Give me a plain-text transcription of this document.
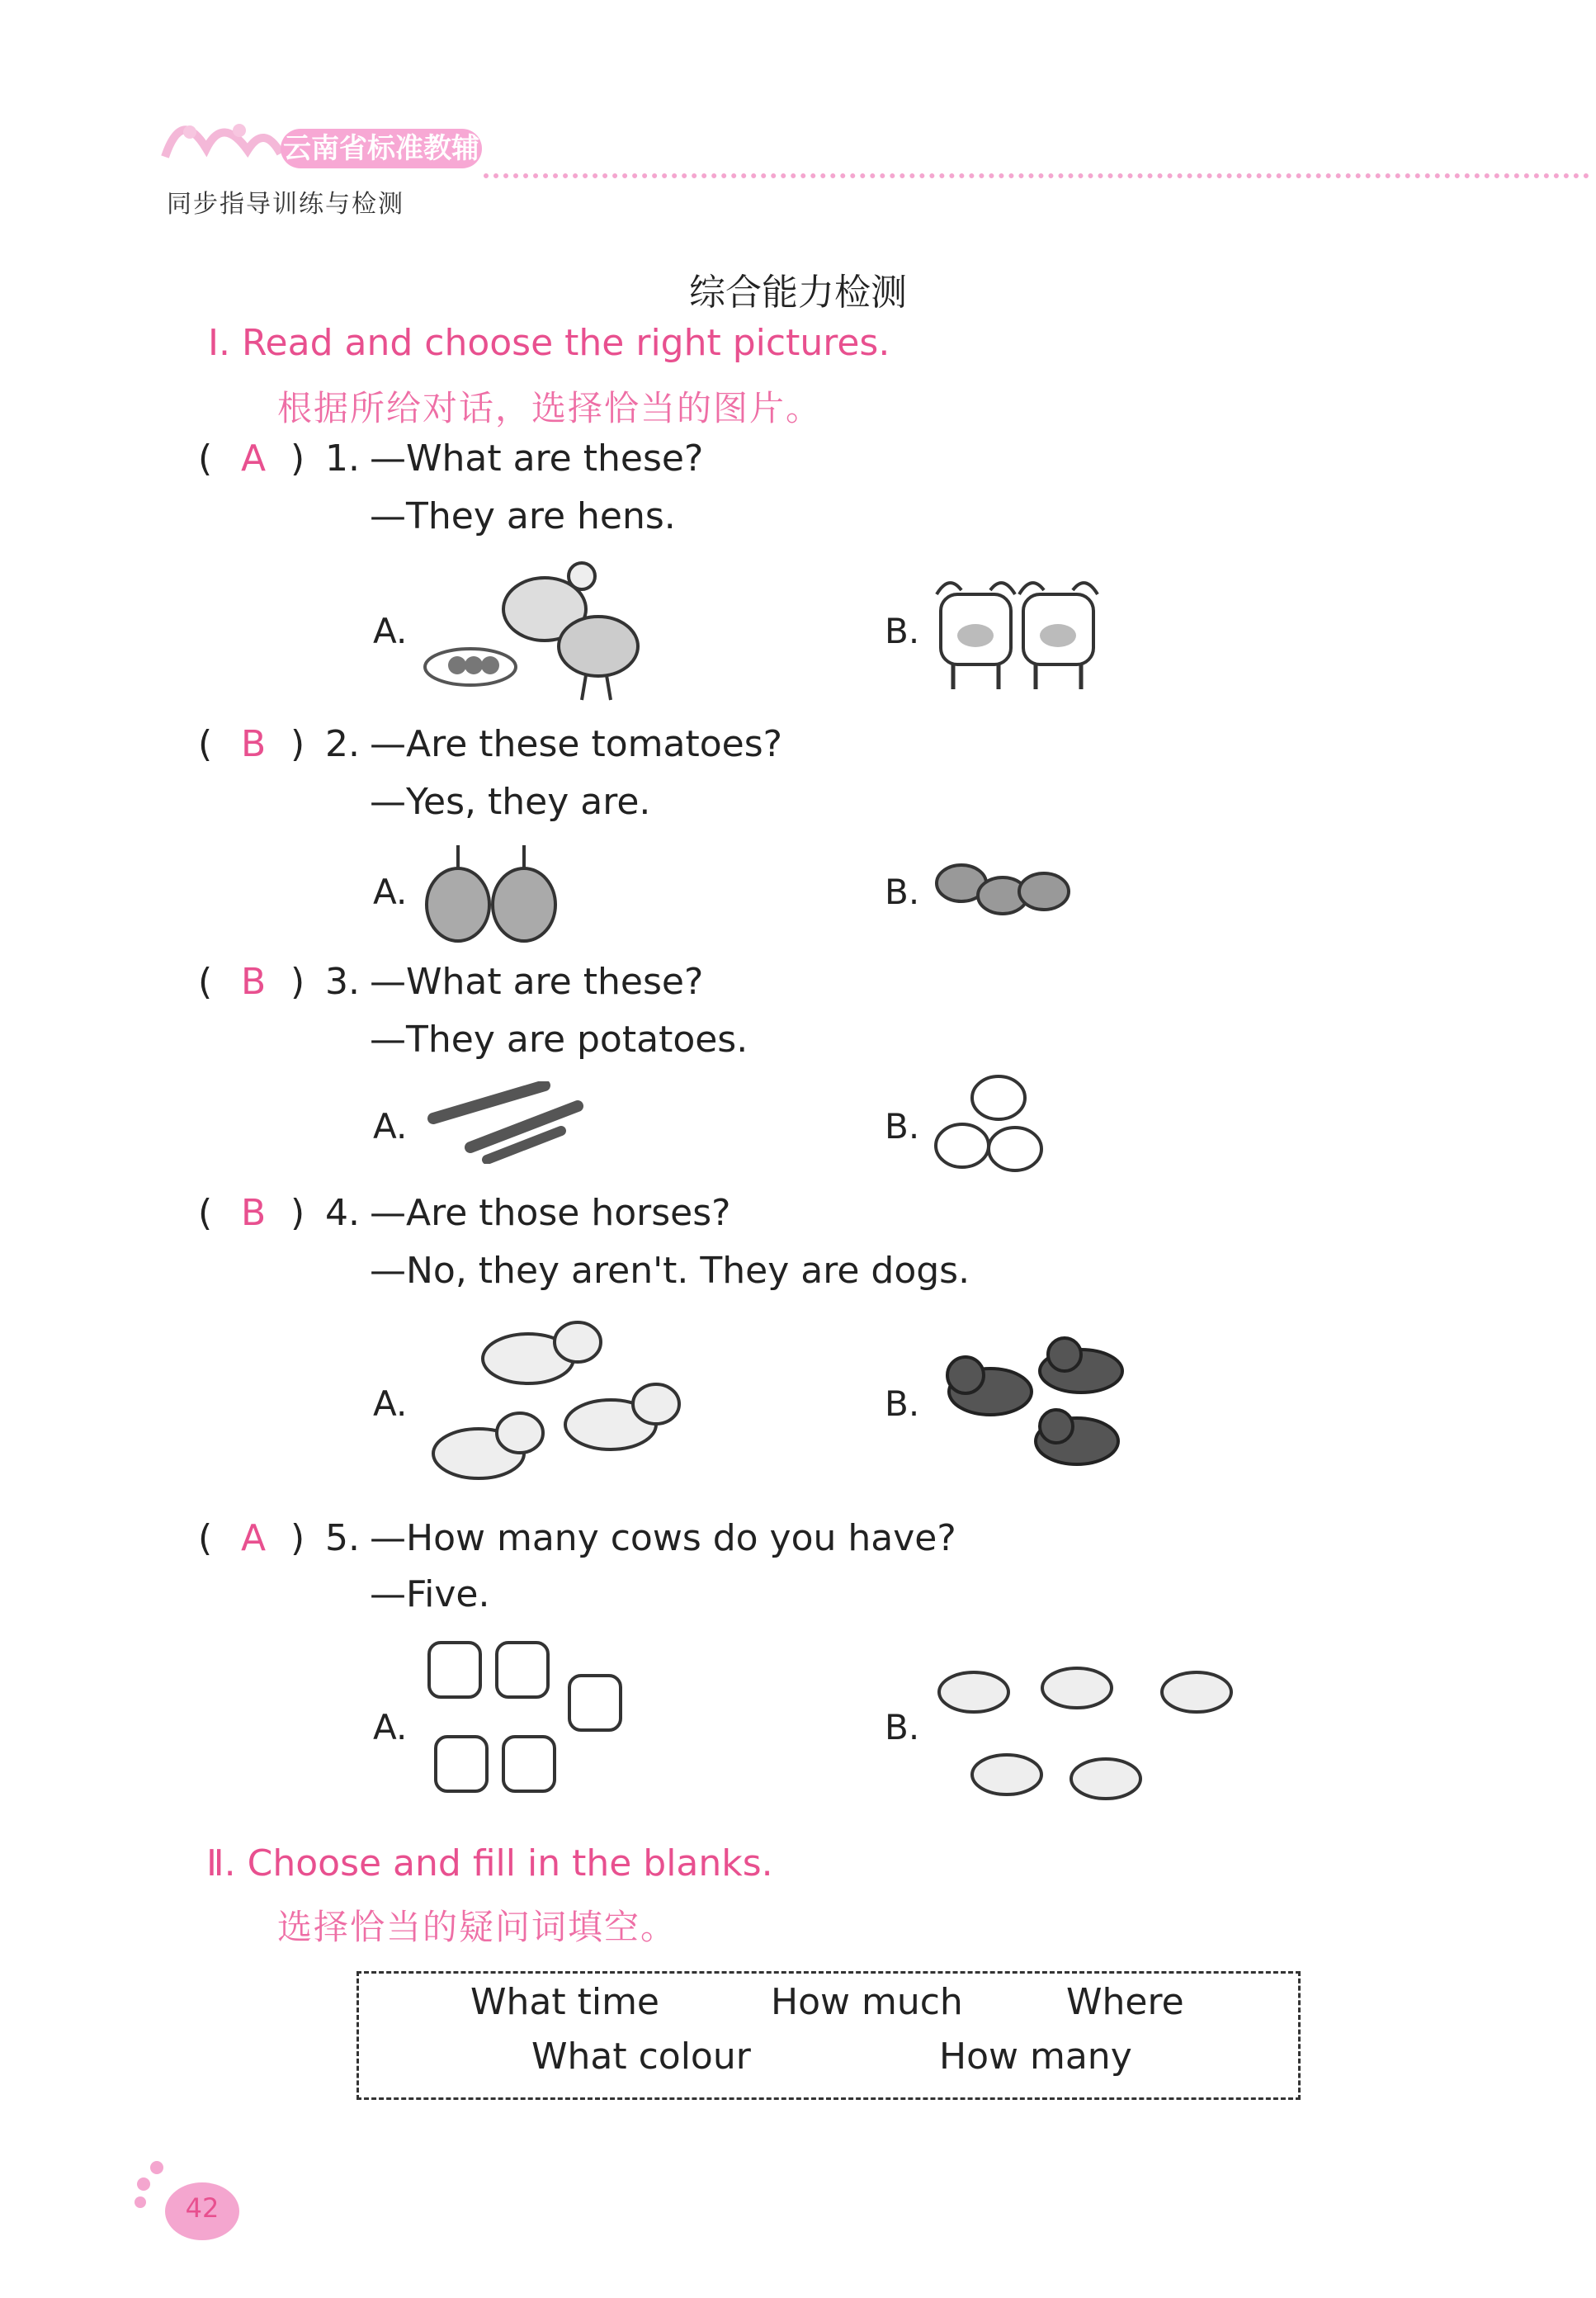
云南省标准教辅
同步指导训练与检测
综合能力检测
Ⅰ. Read and choose the right pictures.
根据所给对话，选择恰当的图片。
( A ) 1. —What are these?
—They are hens.
A.	B.
( B ) 2. —Are these tomatoes?
—Yes, they are.
A.	B.
( B ) 3. —What are these?
—They are potatoes.
A.	B.
( B ) 4. —Are those horses?
—No, they aren't. They are dogs.
A.	B.
( A ) 5. —How many cows do you have?
—Five.
A.	B.
Ⅱ. Choose and fill in the blanks.
选择恰当的疑问词填空。
What time	How much	Where
What colour	How many
42
